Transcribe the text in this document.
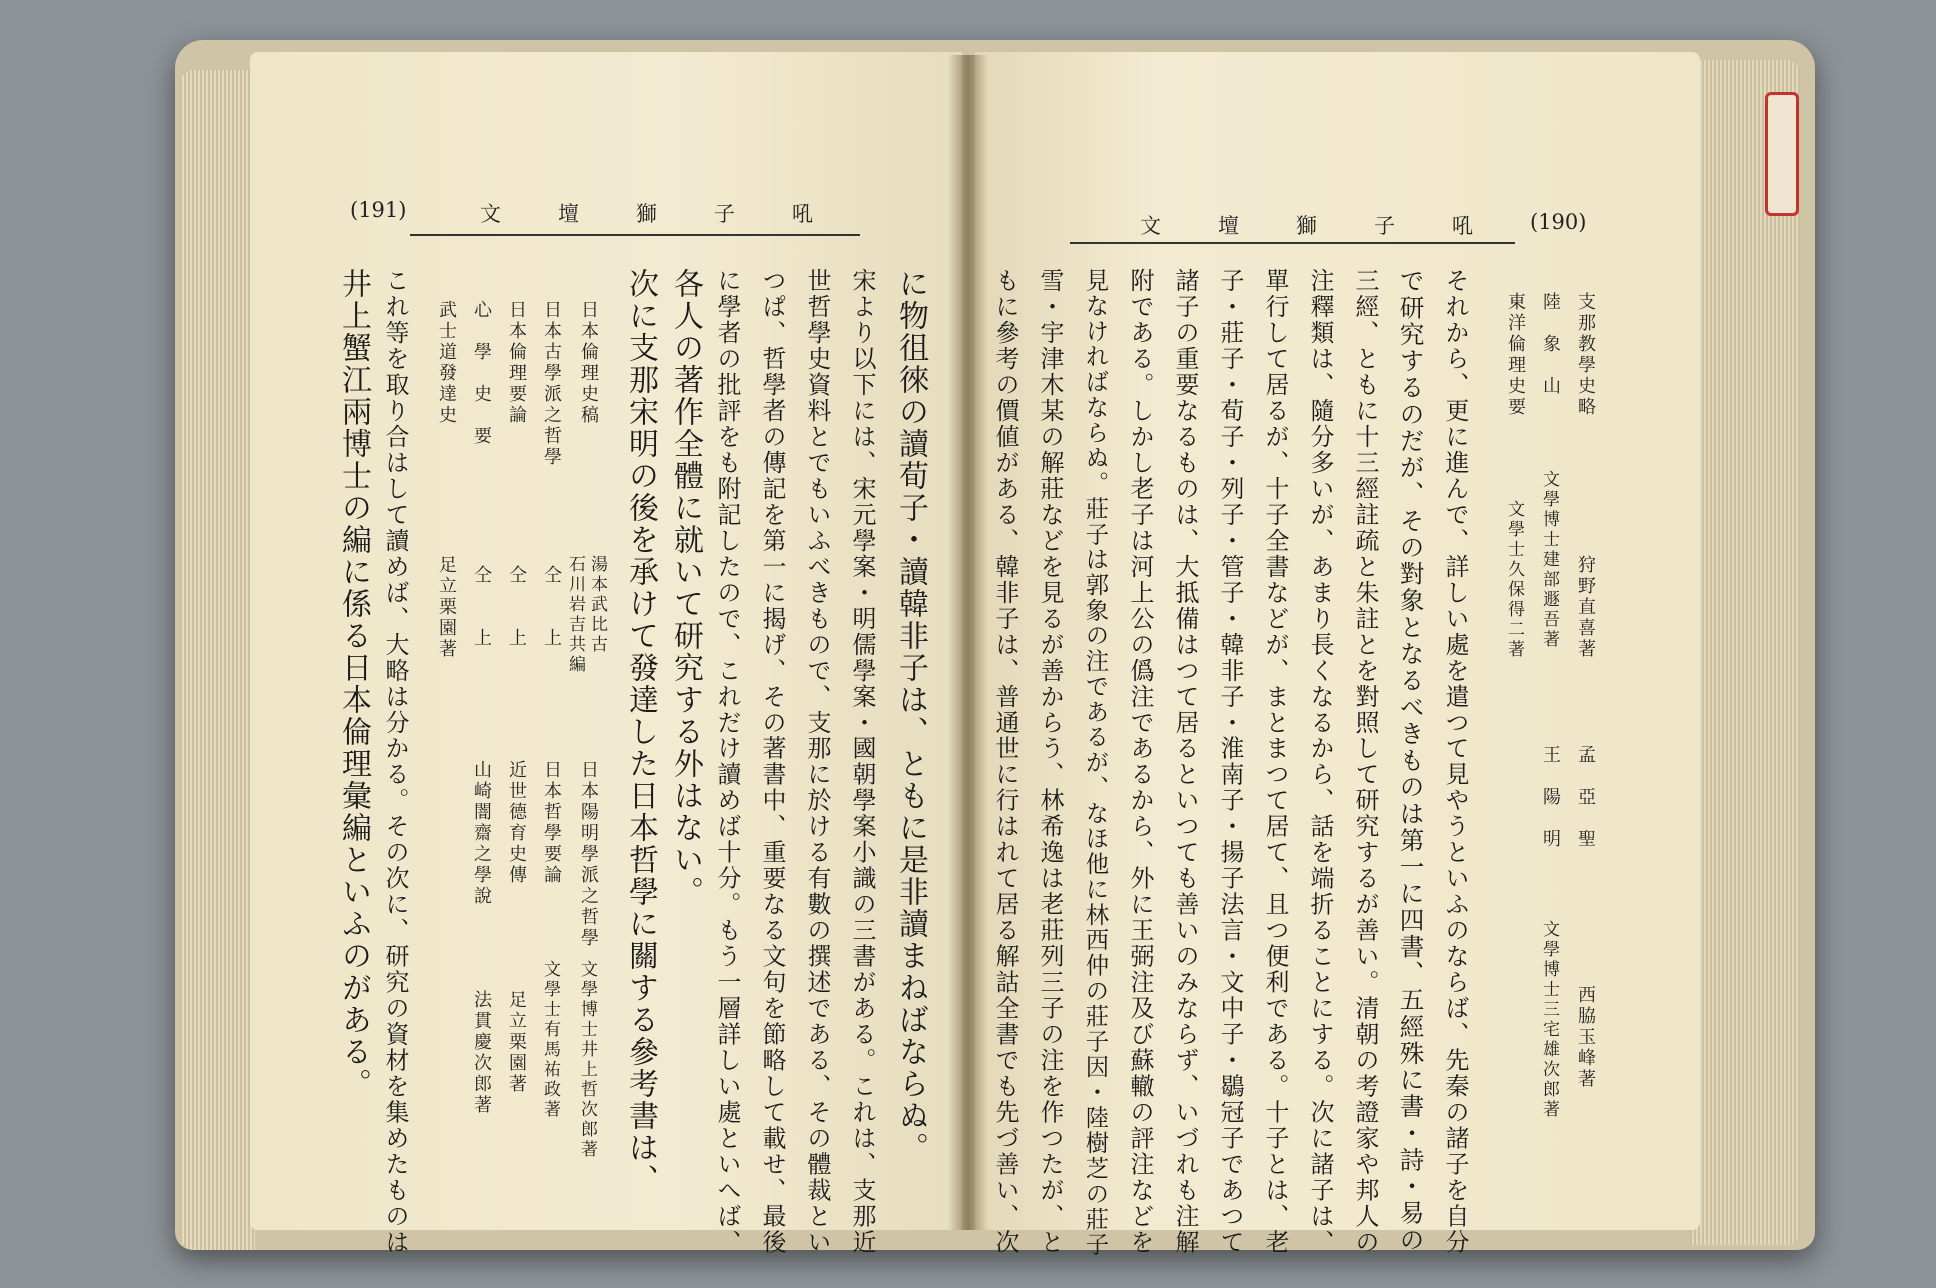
(191)	文　壇　獅　子　吼
に物徂徠の讀荀子・讀韓非子は、ともに是非讀まねばならぬ。
宋より以下には、宋元學案・明儒學案・國朝學案小識の三書がある。これは、支那近
世哲學史資料とでもいふべきもので、支那に於ける有數の撰述である、その體裁とい
つぱ、哲學者の傳記を第一に揭げ、その著書中、重要なる文句を節略して載せ、最後
に學者の批評をも附記したので、これだけ讀めば十分。もう一層詳しい處といへば、
各人の著作全體に就いて研究する外はない。
次に支那宋明の後を承けて發達した日本哲學に關する參考書は、
日本倫理史稿
湯本武比古
石川岩吉共編
日本陽明學派之哲學
文學博士井上哲次郎著
日本古學派之哲學
仝　　上
日本哲學要論
文學士有馬祐政著
日本倫理要論
仝　　上
近世德育史傳
足立栗園著
心　學　史　要
仝　　上
山崎闇齋之學說
法貫慶次郎著
武士道發達史
足立栗園著
これ等を取り合はして讀めば、大略は分かる。その次に、研究の資材を集めたものは
井上蟹江兩博士の編に係る日本倫理彙編といふのがある。
文　壇　獅　子　吼 (190)
支那教學史略
狩野直喜著
孟　亞　聖
西脇玉峰著
陸　象　山
文學博士建部遯吾著
王　陽　明
文學博士三宅雄次郎著
東洋倫理史要
文學士久保得二著
それから、更に進んで、詳しい處を遣つて見やうといふのならば、先秦の諸子を自分
で研究するのだが、その對象となるべきものは第一に四書、五經殊に書・詩・易の
三經、ともに十三經註疏と朱註とを對照して研究するが善い。清朝の考證家や邦人の
注釋類は、隨分多いが、あまり長くなるから、話を端折ることにする。次に諸子は、
單行して居るが、十子全書などが、まとまつて居て、且つ便利である。十子とは、老
子・莊子・荀子・列子・管子・韓非子・淮南子・揚子法言・文中子・鶡冠子であつて
諸子の重要なるものは、大抵備はつて居るといつても善いのみならず、いづれも注解
附である。しかし老子は河上公の僞注であるから、外に王弼注及び蘇轍の評注などを
見なければならぬ。莊子は郭象の注であるが、なほ他に林西仲の莊子因・陸樹芝の莊子
雪・宇津木某の解莊などを見るが善からう、林希逸は老莊列三子の注を作つたが、と
もに參考の價値がある、韓非子は、普通世に行はれて居る解詁全書でも先づ善い、次
